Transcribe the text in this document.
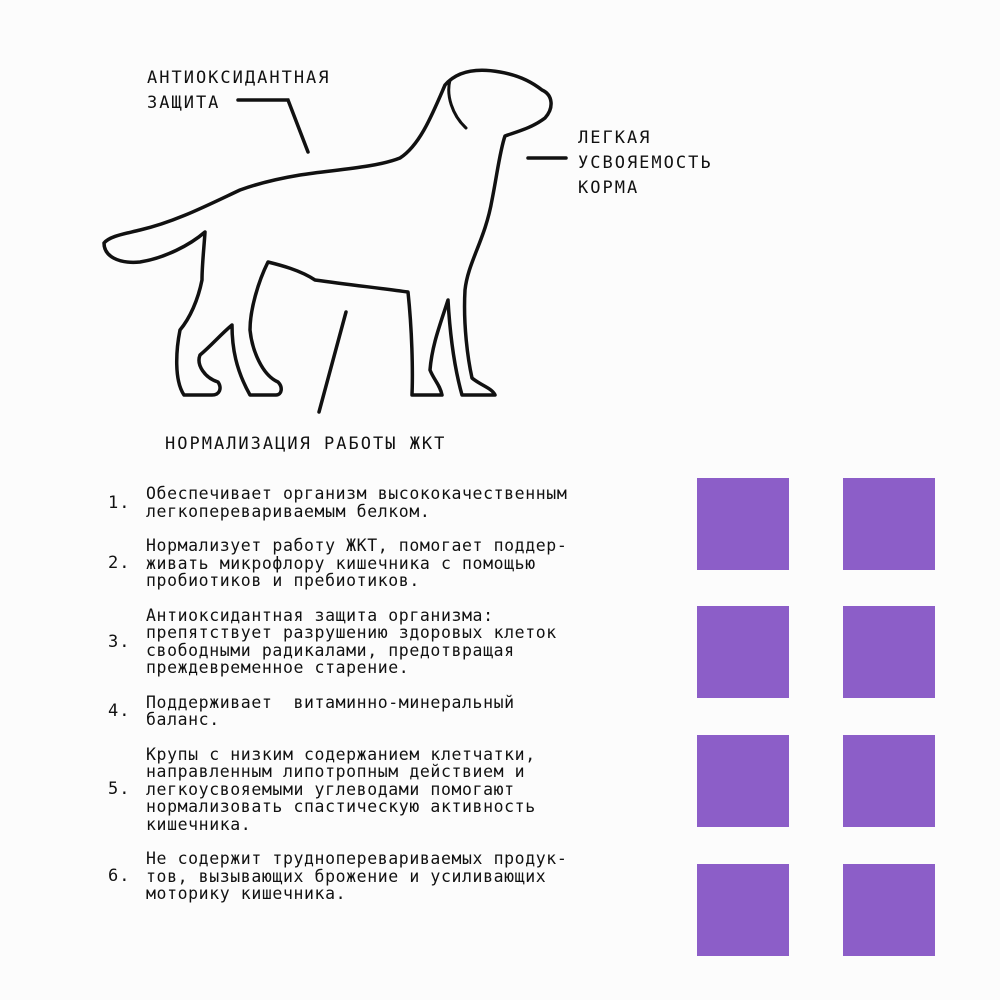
АНТИОКСИДАНТНАЯ
ЗАЩИТА

ЛЕГКАЯ
УСВОЯЕМОСТЬ
КОРМА

НОРМАЛИЗАЦИЯ РАБОТЫ ЖКТ

1. Обеспечивает организм высококачественным
легкоперевариваемым белком.
2.
Нормализует работу ЖКТ, помогает поддер-
живать микрофлору кишечника с помощью
пробиотиков и пребиотиков.
3.
Антиоксидантная защита организма:
препятствует разрушению здоровых клеток
свободными радикалами, предотвращая
преждевременное старение.
4. Поддерживает  витаминно-минеральный
баланс.
5.
Крупы с низким содержанием клетчатки,
направленным липотропным действием и
легкоусвояемыми углеводами помогают
нормализовать спастическую активность
кишечника.
6.
Не содержит трудноперевариваемых продук-
тов, вызывающих брожение и усиливающих
моторику кишечника.
